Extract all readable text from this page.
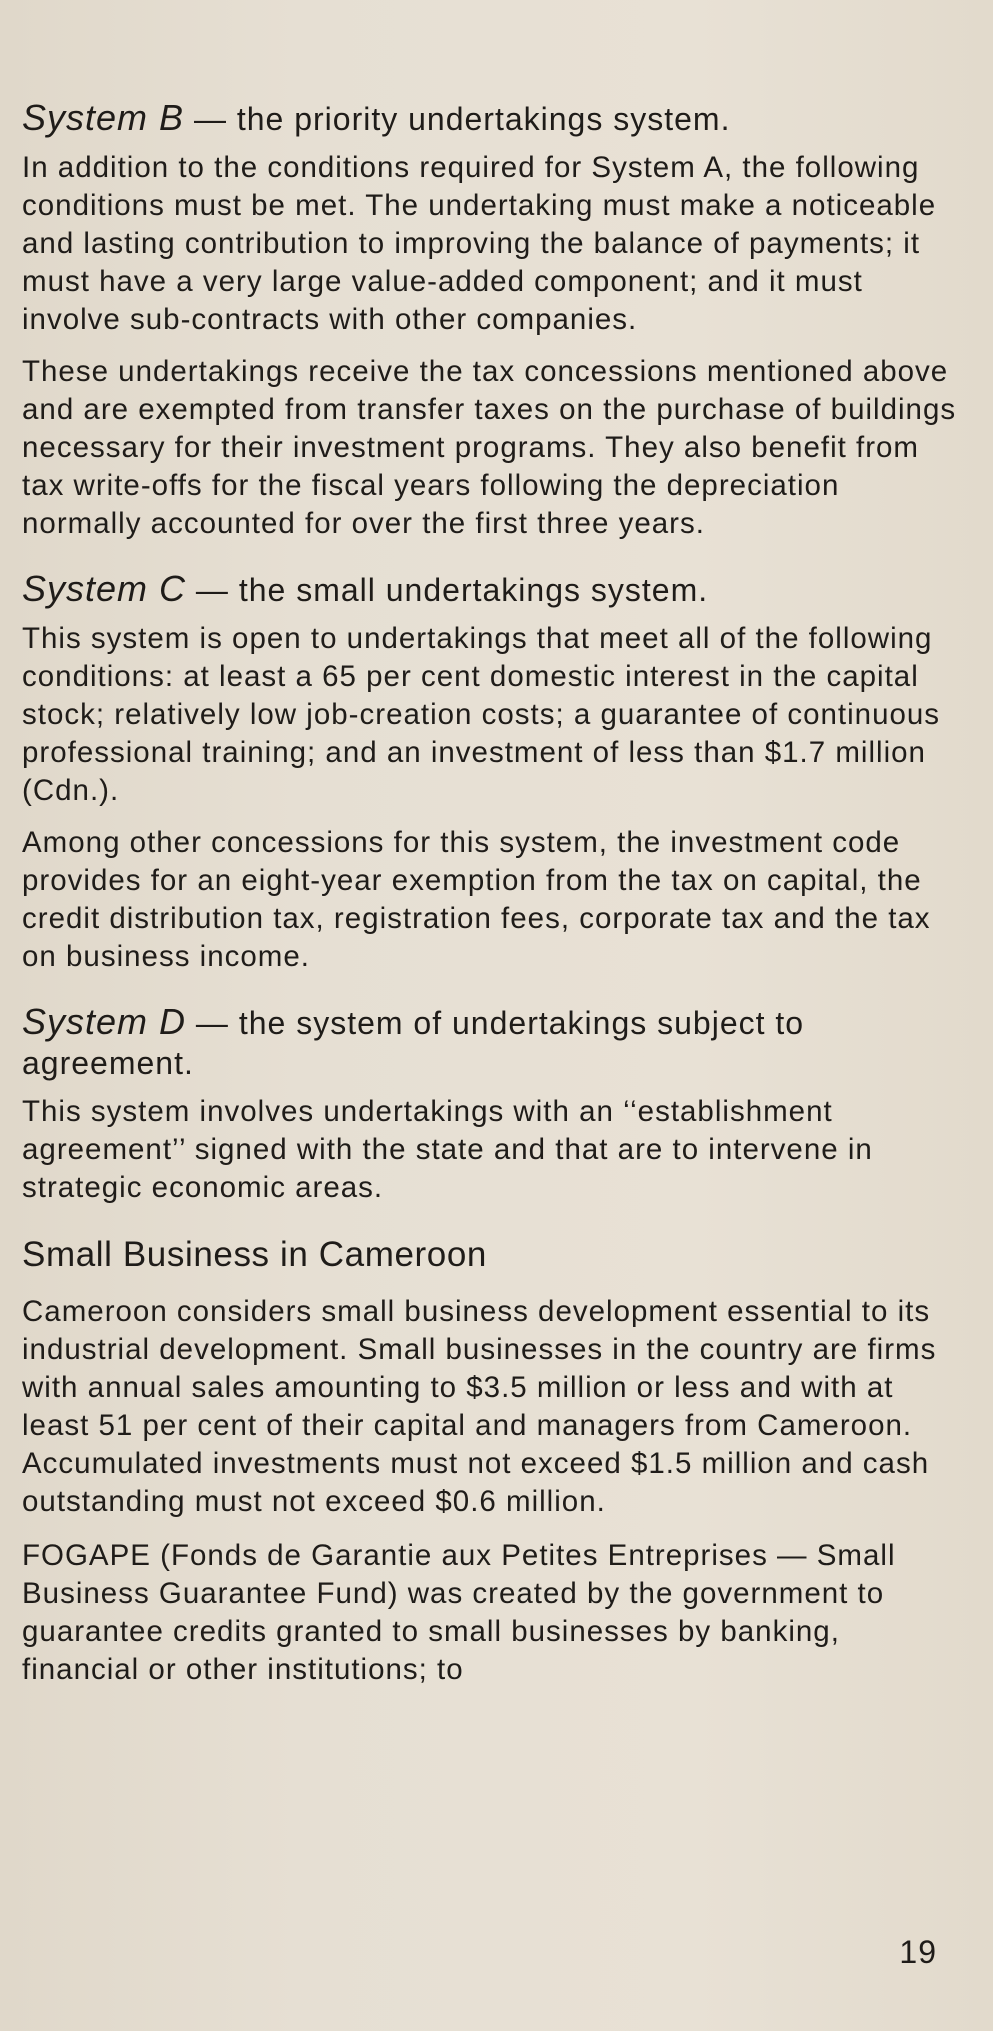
System B — the priority undertakings system.

In addition to the conditions required for System A, the following conditions must be met. The undertaking must make a noticeable and lasting contribution to improving the balance of payments; it must have a very large value-added component; and it must involve sub-contracts with other companies.

These undertakings receive the tax concessions mentioned above and are exempted from transfer taxes on the purchase of buildings necessary for their investment programs. They also benefit from tax write-offs for the fiscal years following the depreciation normally accounted for over the first three years.

System C — the small undertakings system.

This system is open to undertakings that meet all of the following conditions: at least a 65 per cent domestic interest in the capital stock; relatively low job-creation costs; a guarantee of continuous professional training; and an investment of less than $1.7 million (Cdn.).

Among other concessions for this system, the investment code provides for an eight-year exemption from the tax on capital, the credit distribution tax, registration fees, corporate tax and the tax on business income.

System D — the system of undertakings subject to agreement.

This system involves undertakings with an ‘‘establishment agreement’’ signed with the state and that are to intervene in strategic economic areas.

Small Business in Cameroon

Cameroon considers small business development essential to its industrial development. Small businesses in the country are firms with annual sales amounting to $3.5 million or less and with at least 51 per cent of their capital and managers from Cameroon. Accumulated investments must not exceed $1.5 million and cash outstanding must not exceed $0.6 million.

FOGAPE (Fonds de Garantie aux Petites Entreprises — Small Business Guarantee Fund) was created by the government to guarantee credits granted to small businesses by banking, financial or other institutions; to

19
